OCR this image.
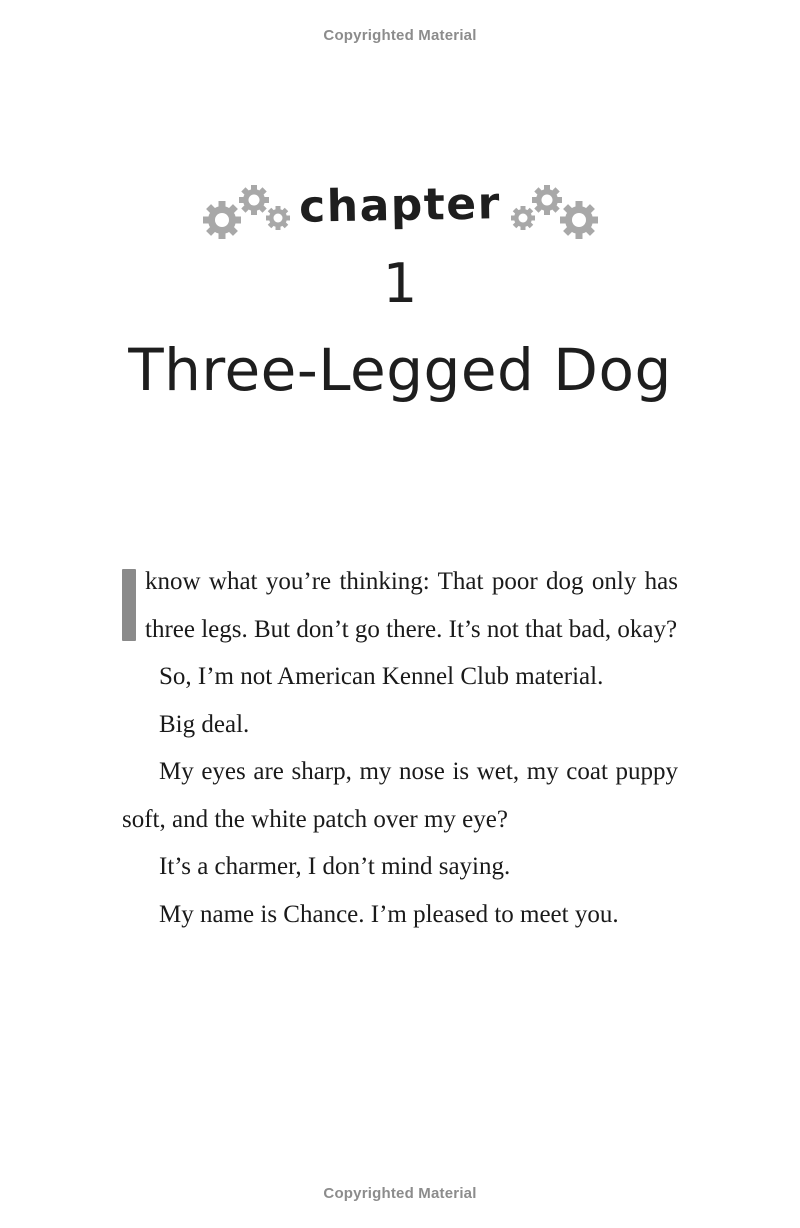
Copyrighted Material
chapter
1
Three-Legged Dog

know what you’re thinking: That poor dog only has three legs. But don’t go there. It’s not that bad, okay?

So, I’m not American Kennel Club material.

Big deal.

My eyes are sharp, my nose is wet, my coat puppy soft, and the white patch over my eye?

It’s a charmer, I don’t mind saying.

My name is Chance. I’m pleased to meet you.

Copyrighted Material
